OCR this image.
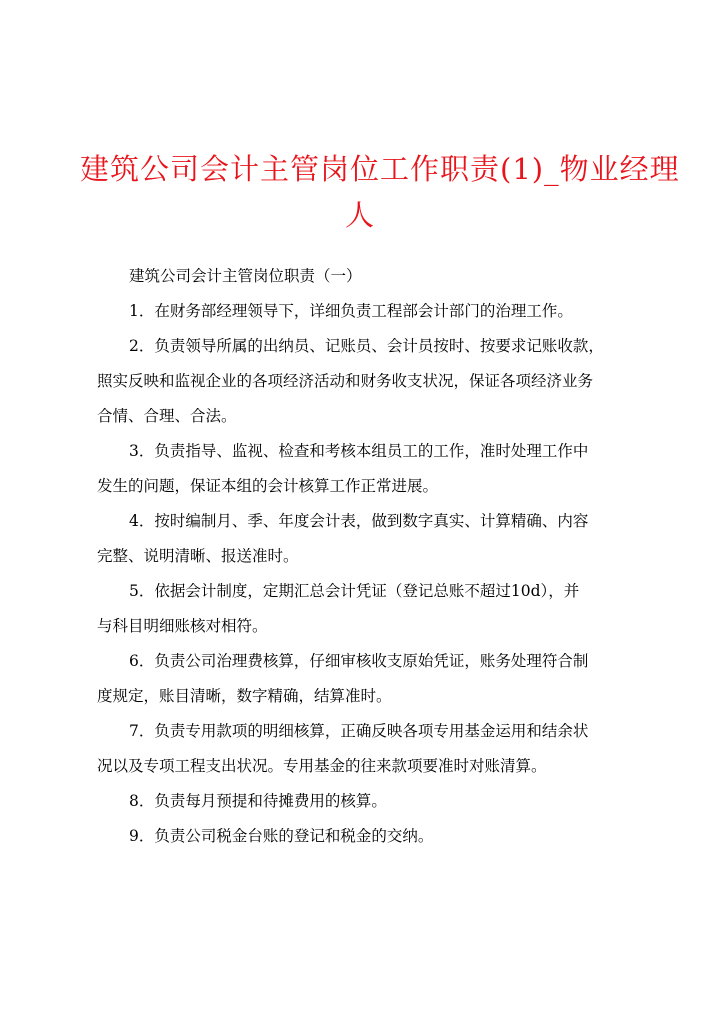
建筑公司会计主管岗位工作职责(1)_物业经理
人

建筑公司会计主管岗位职责（一）

1．在财务部经理领导下，详细负责工程部会计部门的治理工作。

2．负责领导所属的出纳员、记账员、会计员按时、按要求记账收款，
照实反映和监视企业的各项经济活动和财务收支状况，保证各项经济业务
合情、合理、合法。

3．负责指导、监视、检查和考核本组员工的工作，准时处理工作中
发生的问题，保证本组的会计核算工作正常进展。

4．按时编制月、季、年度会计表，做到数字真实、计算精确、内容
完整、说明清晰、报送准时。

5．依据会计制度，定期汇总会计凭证（登记总账不超过10d），并
与科目明细账核对相符。

6．负责公司治理费核算，仔细审核收支原始凭证，账务处理符合制
度规定，账目清晰，数字精确，结算准时。

7．负责专用款项的明细核算，正确反映各项专用基金运用和结余状
况以及专项工程支出状况。专用基金的往来款项要准时对账清算。

8．负责每月预提和待摊费用的核算。

9．负责公司税金台账的登记和税金的交纳。
